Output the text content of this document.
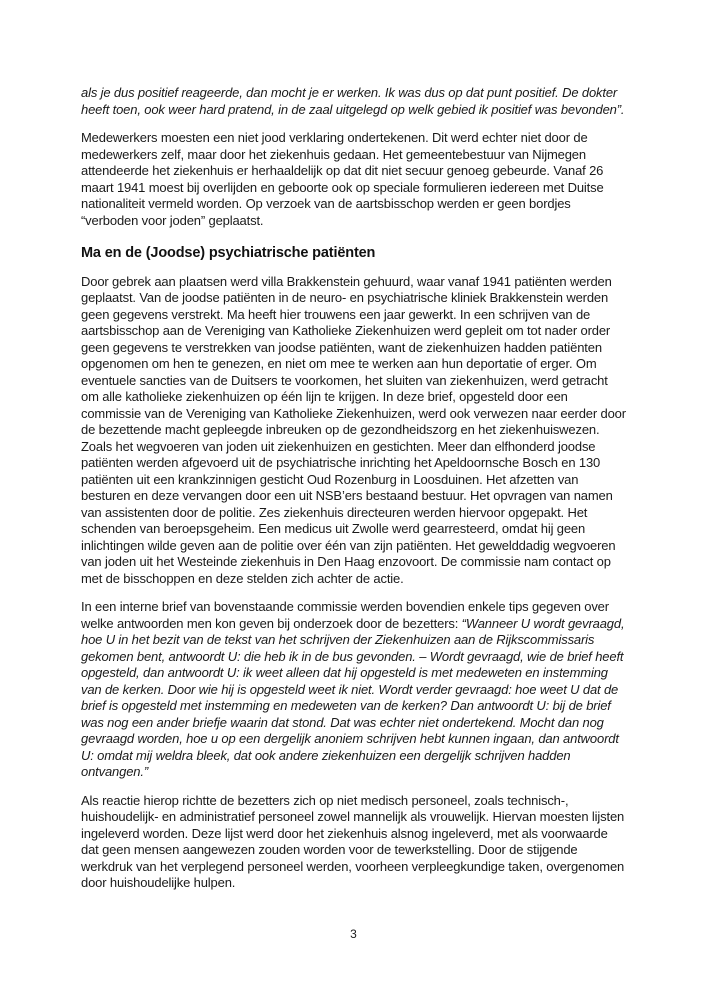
als je dus positief reageerde, dan mocht je er werken. Ik was dus op dat punt positief. De dokter heeft toen, ook weer hard pratend, in de zaal uitgelegd op welk gebied ik positief was bevonden”.

Medewerkers moesten een niet jood verklaring ondertekenen. Dit werd echter niet door de medewerkers zelf, maar door het ziekenhuis gedaan. Het gemeentebestuur van Nijmegen attendeerde het ziekenhuis er herhaaldelijk op dat dit niet secuur genoeg gebeurde. Vanaf 26 maart 1941 moest bij overlijden en geboorte ook op speciale formulieren iedereen met Duitse nationaliteit vermeld worden. Op verzoek van de aartsbisschop werden er geen bordjes “verboden voor joden” geplaatst.

Ma en de (Joodse) psychiatrische patiënten

Door gebrek aan plaatsen werd villa Brakkenstein gehuurd, waar vanaf 1941 patiënten werden geplaatst. Van de joodse patiënten in de neuro- en psychiatrische kliniek Brakkenstein werden geen gegevens verstrekt. Ma heeft hier trouwens een jaar gewerkt. In een schrijven van de aartsbisschop aan de Vereniging van Katholieke Ziekenhuizen werd gepleit om tot nader order geen gegevens te verstrekken van joodse patiënten, want de ziekenhuizen hadden patiënten opgenomen om hen te genezen, en niet om mee te werken aan hun deportatie of erger. Om eventuele sancties van de Duitsers te voorkomen, het sluiten van ziekenhuizen, werd getracht om alle katholieke ziekenhuizen op één lijn te krijgen. In deze brief, opgesteld door een commissie van de Vereniging van Katholieke Ziekenhuizen, werd ook verwezen naar eerder door de bezettende macht gepleegde inbreuken op de gezondheidszorg en het ziekenhuiswezen. Zoals het wegvoeren van joden uit ziekenhuizen en gestichten. Meer dan elfhonderd joodse patiënten werden afgevoerd uit de psychiatrische inrichting het Apeldoornsche Bosch en 130 patiënten uit een krankzinnigen gesticht Oud Rozenburg in Loosduinen. Het afzetten van besturen en deze vervangen door een uit NSB’ers bestaand bestuur. Het opvragen van namen van assistenten door de politie. Zes ziekenhuis directeuren werden hiervoor opgepakt. Het schenden van beroepsgeheim. Een medicus uit Zwolle werd gearresteerd, omdat hij geen inlichtingen wilde geven aan de politie over één van zijn patiënten. Het gewelddadig wegvoeren van joden uit het Westeinde ziekenhuis in Den Haag enzovoort. De commissie nam contact op met de bisschoppen en deze stelden zich achter de actie.

In een interne brief van bovenstaande commissie werden bovendien enkele tips gegeven over welke antwoorden men kon geven bij onderzoek door de bezetters: “Wanneer U wordt gevraagd, hoe U in het bezit van de tekst van het schrijven der Ziekenhuizen aan de Rijkscommissaris gekomen bent, antwoordt U: die heb ik in de bus gevonden. – Wordt gevraagd, wie de brief heeft opgesteld, dan antwoordt U: ik weet alleen dat hij opgesteld is met medeweten en instemming van de kerken. Door wie hij is opgesteld weet ik niet. Wordt verder gevraagd: hoe weet U dat de brief is opgesteld met instemming en medeweten van de kerken? Dan antwoordt U: bij de brief was nog een ander briefje waarin dat stond. Dat was echter niet ondertekend. Mocht dan nog gevraagd worden, hoe u op een dergelijk anoniem schrijven hebt kunnen ingaan, dan antwoordt U: omdat mij weldra bleek, dat ook andere ziekenhuizen een dergelijk schrijven hadden ontvangen.”

Als reactie hierop richtte de bezetters zich op niet medisch personeel, zoals technisch-, huishoudelijk- en administratief personeel zowel mannelijk als vrouwelijk. Hiervan moesten lijsten ingeleverd worden. Deze lijst werd door het ziekenhuis alsnog ingeleverd, met als voorwaarde dat geen mensen aangewezen zouden worden voor de tewerkstelling. Door de stijgende werkdruk van het verplegend personeel werden, voorheen verpleegkundige taken, overgenomen door huishoudelijke hulpen.

3
